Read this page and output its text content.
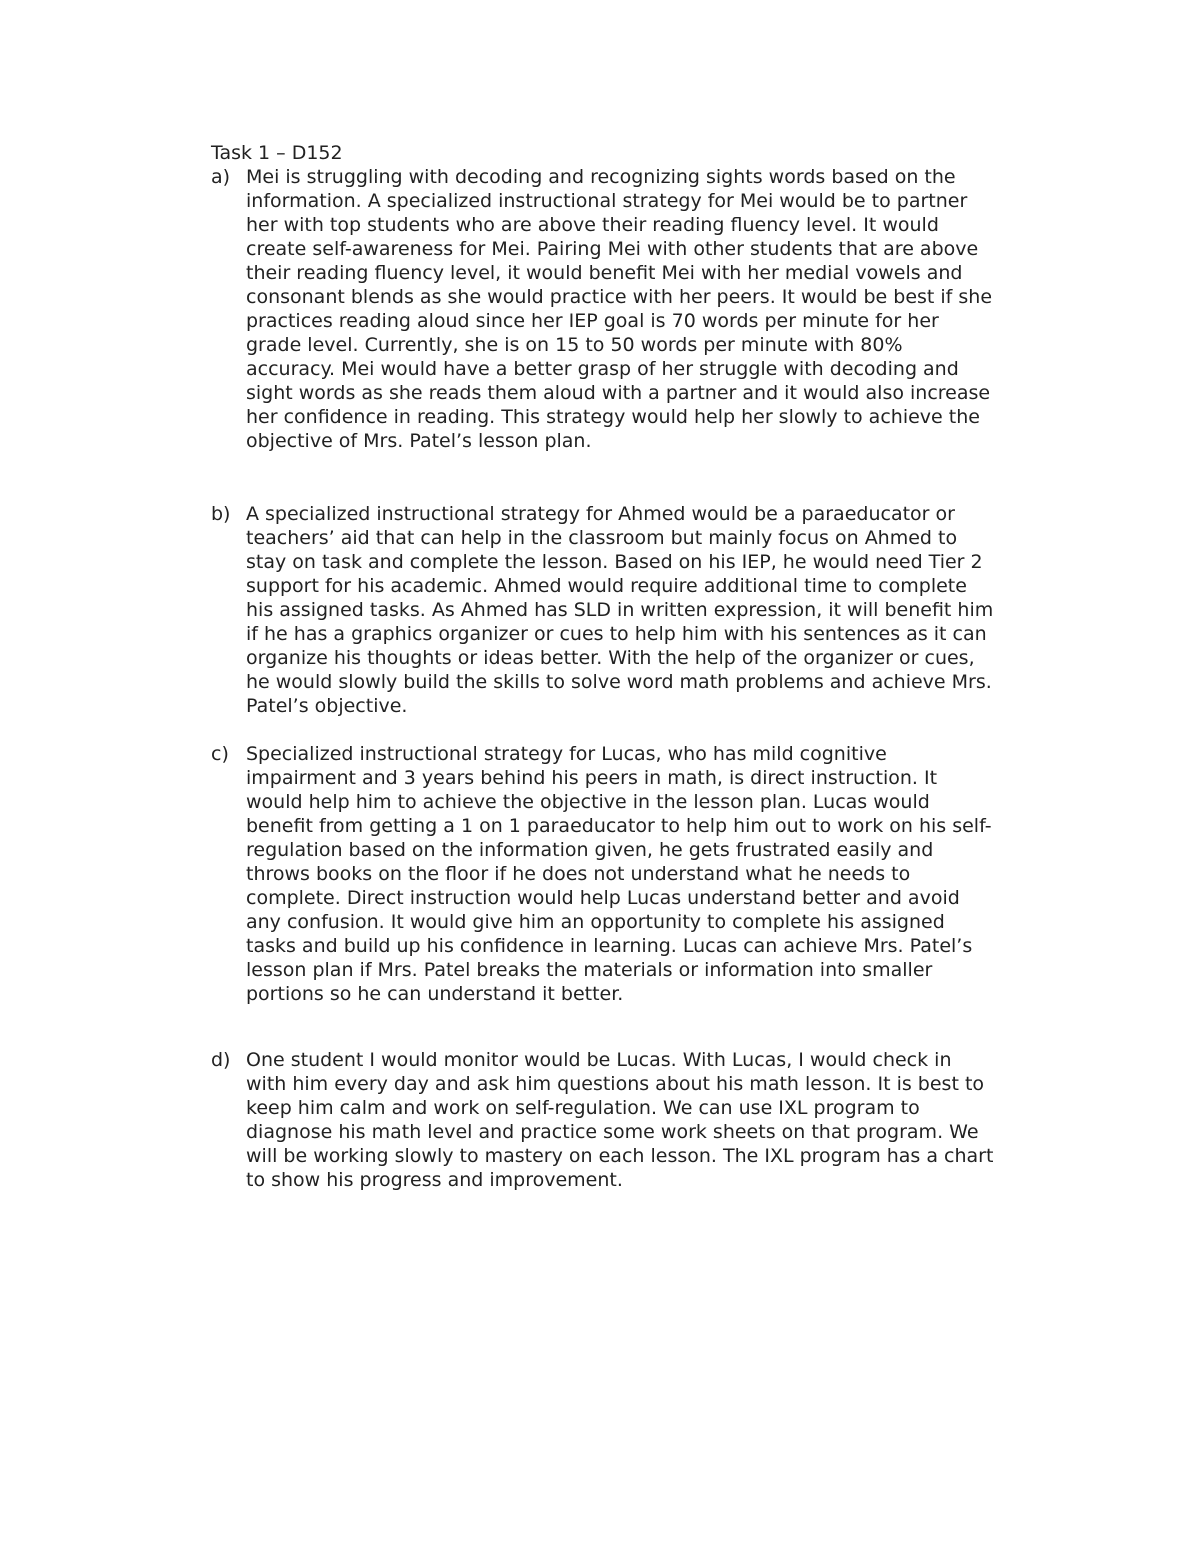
Task 1 – D152
a) Mei is struggling with decoding and recognizing sights words based on the
information. A specialized instructional strategy for Mei would be to partner
her with top students who are above their reading fluency level. It would
create self-awareness for Mei. Pairing Mei with other students that are above
their reading fluency level, it would benefit Mei with her medial vowels and
consonant blends as she would practice with her peers. It would be best if she
practices reading aloud since her IEP goal is 70 words per minute for her
grade level. Currently, she is on 15 to 50 words per minute with 80%
accuracy. Mei would have a better grasp of her struggle with decoding and
sight words as she reads them aloud with a partner and it would also increase
her confidence in reading. This strategy would help her slowly to achieve the
objective of Mrs. Patel’s lesson plan.
b) A specialized instructional strategy for Ahmed would be a paraeducator or
teachers’ aid that can help in the classroom but mainly focus on Ahmed to
stay on task and complete the lesson. Based on his IEP, he would need Tier 2
support for his academic. Ahmed would require additional time to complete
his assigned tasks. As Ahmed has SLD in written expression, it will benefit him
if he has a graphics organizer or cues to help him with his sentences as it can
organize his thoughts or ideas better. With the help of the organizer or cues,
he would slowly build the skills to solve word math problems and achieve Mrs.
Patel’s objective.
c) Specialized instructional strategy for Lucas, who has mild cognitive
impairment and 3 years behind his peers in math, is direct instruction. It
would help him to achieve the objective in the lesson plan. Lucas would
benefit from getting a 1 on 1 paraeducator to help him out to work on his self-
regulation based on the information given, he gets frustrated easily and
throws books on the floor if he does not understand what he needs to
complete. Direct instruction would help Lucas understand better and avoid
any confusion. It would give him an opportunity to complete his assigned
tasks and build up his confidence in learning. Lucas can achieve Mrs. Patel’s
lesson plan if Mrs. Patel breaks the materials or information into smaller
portions so he can understand it better.
d) One student I would monitor would be Lucas. With Lucas, I would check in
with him every day and ask him questions about his math lesson. It is best to
keep him calm and work on self-regulation. We can use IXL program to
diagnose his math level and practice some work sheets on that program. We
will be working slowly to mastery on each lesson. The IXL program has a chart
to show his progress and improvement.
